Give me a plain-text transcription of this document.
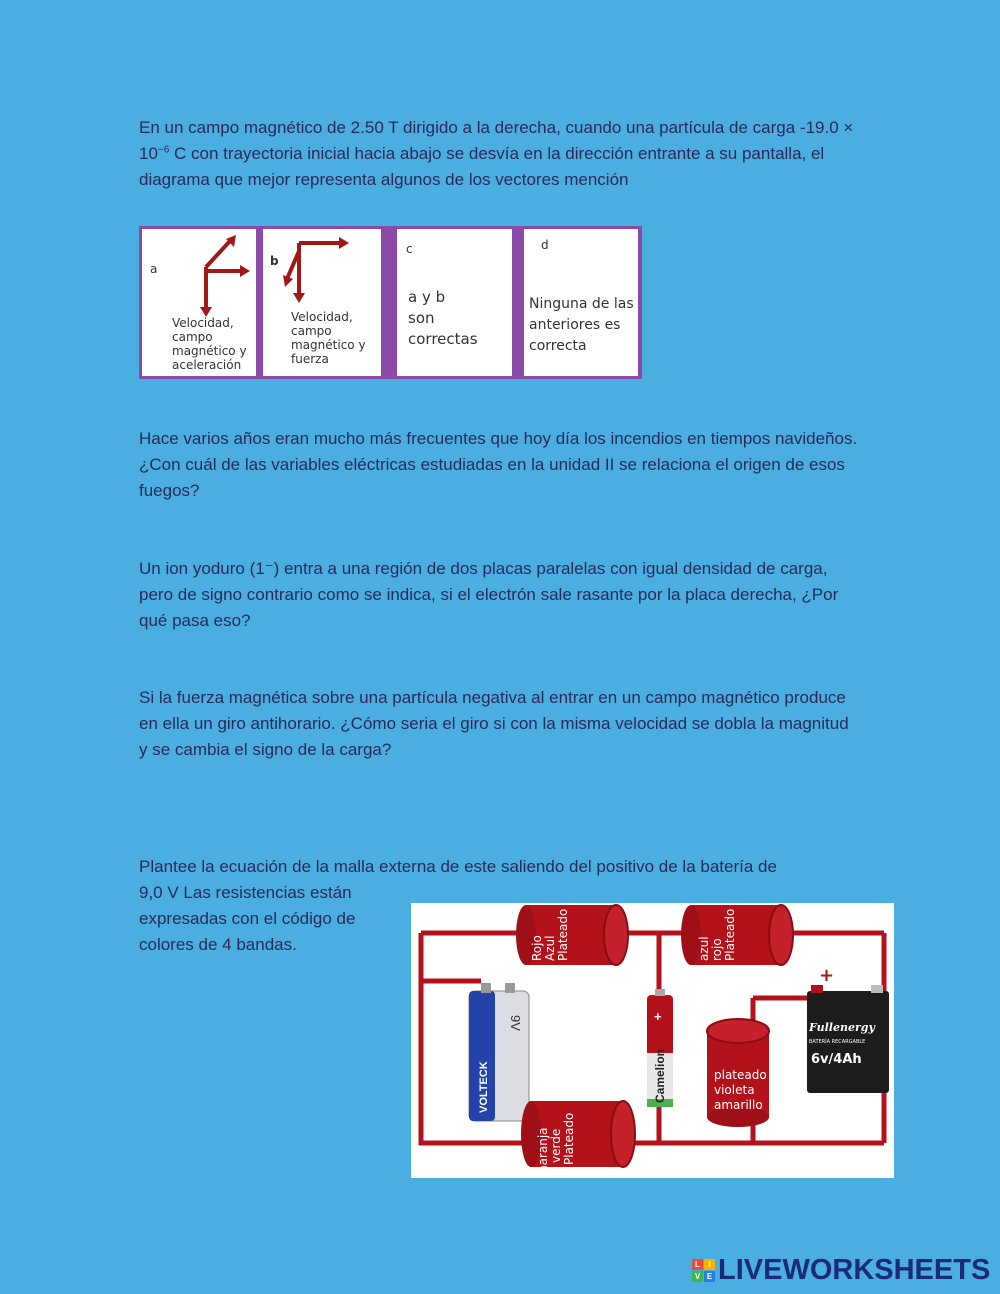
En un campo magnético de 2.50 T dirigido a la derecha, cuando una partícula de carga $-19.0 \times 10^{-6}$ C con trayectoria inicial hacia abajo se desvía en la dirección entrante a su pantalla, el diagrama que mejor representa algunos de los vectores mención

a
Velocidad,
campo
magnético y
aceleración
b
Velocidad,
campo
magnético y
fuerza
c
a y b
son
correctas
d
Ninguna de las
anteriores es
correcta

Hace varios años eran mucho más frecuentes que hoy día los incendios en tiempos navideños. ¿Con cuál de las variables eléctricas estudiadas en la unidad II se relaciona el origen de esos fuegos?

Un ion yoduro (1⁻) entra a una región de dos placas paralelas con igual densidad de carga, pero de signo contrario como se indica, si el electrón sale rasante por la placa derecha, ¿Por qué pasa eso?

Si la fuerza magnética sobre una partícula negativa al entrar en un campo magnético produce en ella un giro antihorario. ¿Cómo seria el giro si con la misma velocidad se dobla la magnitud y se cambia el signo de la carga?

Plantee la ecuación de la malla externa de este saliendo del positivo de la batería de

9,0 V Las resistencias están expresadas con el código de colores de 4 bandas.	Rojo Azul Plateado	azul rojo Plateado
VOLTECK
9V
Camelion
+
plateado
violeta
amarillo
Fullenergy
BATERÍA RECARGABLE
6v/4Ah
+
naranja verde Plateado
L	I
V E LIVEWORKSHEETS
